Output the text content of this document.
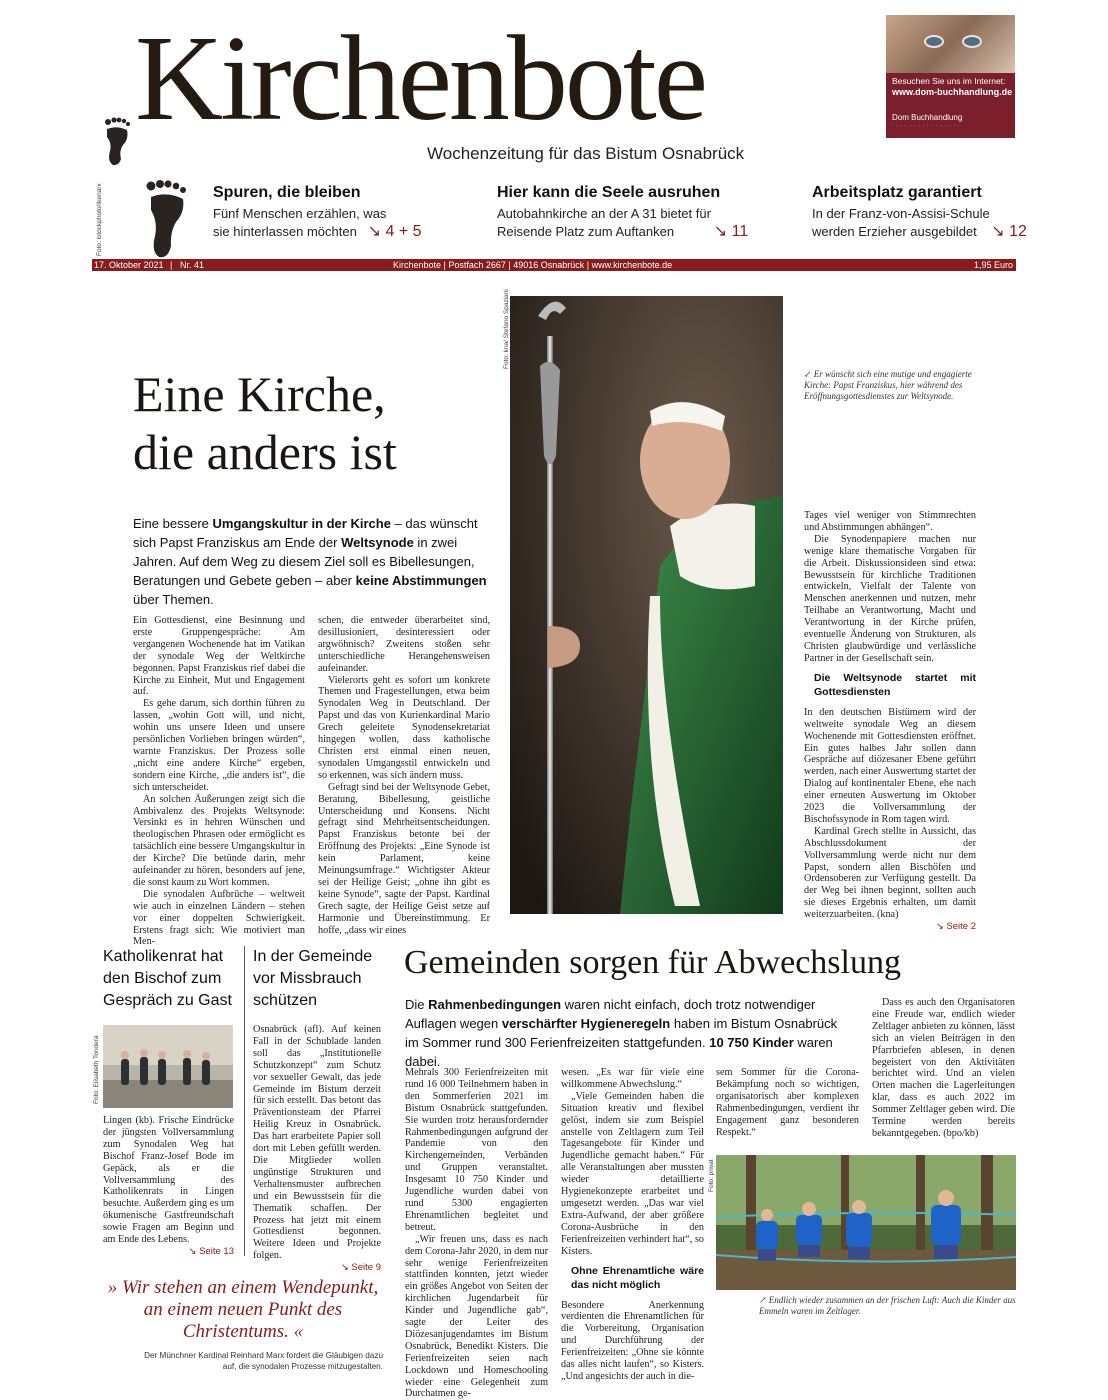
Kirchenbote
Wochenzeitung für das Bistum Osnabrück
Besuchen Sie uns im Internet:
www.dom-buchhandlung.de
Dom Buchhandlung
................
Foto: istockphoto/Ikenarx	Spuren, die bleiben

Fünf Menschen erzählen, was
sie hinterlassen möchten ↘ 4 + 5

Hier kann die Seele ausruhen

Autobahnkirche an der A 31 bietet für
Reisende Platz zum Auftanken ↘ 11

Arbeitsplatz garantiert

In der Franz-von-Assisi-Schule
werden Erzieher ausgebildet ↘ 12

17. Oktober 2021 | Nr. 41	Kirchenbote | Postfach 2667 | 49016 Osnabrück | www.kirchenbote.de	1,95 Euro
Foto: kna/ Stefano Spaziani
Eine Kirche,
die anders ist
Eine bessere Umgangskultur in der Kirche – das wünscht sich Papst Franziskus am Ende der Weltsynode in zwei Jahren. Auf dem Weg zu diesem Ziel soll es Bibellesungen, Beratungen und Gebete geben – aber keine Abstimmungen über Themen.

Ein Gottesdienst, eine Besinnung und erste Gruppengespräche: Am vergangenen Wochenende hat im Vatikan der synodale Weg der Weltkirche begonnen. Papst Franziskus rief dabei die Kirche zu Einheit, Mut und Engagement auf.

Es gehe darum, sich dorthin führen zu lassen, „wohin Gott will, und nicht, wohin uns unsere Ideen und unsere persönlichen Vorlieben bringen würden“, warnte Franziskus. Der Prozess solle „nicht eine andere Kirche“ ergeben, sondern eine Kirche, „die anders ist“, die sich unterscheidet.

An solchen Äußerungen zeigt sich die Ambivalenz des Projekts Weltsynode: Versinkt es in hehren Wünschen und theologischen Phrasen oder ermöglicht es tatsächlich eine bessere Umgangskultur in der Kirche? Die betünde darin, mehr aufeinander zu hören, besonders auf jene, die sonst kaum zu Wort kommen.

Die synodalen Aufbrüche – weltweit wie auch in einzelnen Ländern – stehen vor einer doppelten Schwierigkeit. Erstens fragt sich: Wie motiviert man Men-

schen, die entweder überarbeitet sind, desillusioniert, desinteressiert oder argwöhnisch? Zweitens stoßen sehr unterschiedliche Herangehensweisen aufeinander.

Vielerorts geht es sofort um konkrete Themen und Fragestellungen, etwa beim Synodalen Weg in Deutschland. Der Papst und das von Kurienkardinal Mario Grech geleitete Synodensekretariat hingegen wollen, dass katholische Christen erst einmal einen neuen, synodalen Umgangsstil entwickeln und so erkennen, was sich ändern muss.

Gefragt sind bei der Weltsynode Gebet, Beratung, Bibellesung, geistliche Unterscheidung und Konsens. Nicht gefragt sind Mehrheitsentscheidungen. Papst Franziskus betonte bei der Eröffnung des Projekts: „Eine Synode ist kein Parlament, keine Meinungsumfrage.“ Wichtigster Akteur sei der Heilige Geist; „ohne ihn gibt es keine Synode“, sagte der Papst. Kardinal Grech sagte, der Heilige Geist setze auf Harmonie und Übereinstimmung. Er hoffe, „dass wir eines

↙ Er wünscht sich eine mutige und engagierte Kirche: Papst Franziskus, hier während des Eröffnungsgottesdienstes zur Weltsynode.

Tages viel weniger von Stimmrechten und Abstimmungen abhängen“.

Die Synodenpapiere machen nur wenige klare thematische Vorgaben für die Arbeit. Diskussionsideen sind etwa: Bewusstsein für kirchliche Traditionen entwickeln, Vielfalt der Talente von Menschen anerkennen und nutzen, mehr Teilhabe an Verantwortung, Macht und Verantwortung in der Kirche prüfen, eventuelle Änderung von Strukturen, als Christen glaubwürdige und verlässliche Partner in der Gesellschaft sein.

Die Weltsynode startet mit Gottesdiensten

In den deutschen Bistümern wird der weltweite synodale Weg an diesem Wochenende mit Gottesdiensten eröffnet. Ein gutes halbes Jahr sollen dann Gespräche auf diözesaner Ebene geführt werden, nach einer Auswertung startet der Dialog auf kontinentaler Ebene, ehe nach einer erneuten Auswertung im Oktober 2023 die Vollversammlung der Bischofssynode in Rom tagen wird.

Kardinal Grech stellte in Aussicht, das Abschlussdokument der Vollversammlung werde nicht nur dem Papst, sondern allen Bischöfen und Ordensoberen zur Verfügung gestellt. Da der Weg bei ihnen beginnt, sollten auch sie dieses Ergebnis erhalten, um damit weiterzuarbeiten. (kna)

↘ Seite 2
Katholikenrat hat den Bischof zum Gespräch zu Gast
Foto: Elisabeth Tondera

Lingen (kb). Frische Eindrücke der jüngsten Vollversammlung zum Synodalen Weg hat Bischof Franz-Josef Bode im Gepäck, als er die Vollversammlung des Katholikenrats in Lingen besuchte. Außerdem ging es um ökumenische Gastfreundschaft sowie Fragen am Beginn und am Ende des Lebens.

↘ Seite 13
In der Gemeinde vor Missbrauch schützen

Osnabrück (afl). Auf keinen Fall in der Schublade landen soll das „Institutionelle Schutzkonzept“ zum Schutz vor sexueller Gewalt, das jede Gemeinde im Bistum derzeit für sich erstellt. Das betont das Präventionsteam der Pfarrei Heilig Kreuz in Osnabrück. Das hart erarbeitete Papier soll dort mit Leben gefüllt werden. Die Mitglieder wollen ungünstige Strukturen und Verhaltensmuster aufbrechen und ein Bewusstsein für die Thematik schaffen. Der Prozess hat jetzt mit einem Gottesdienst begonnen. Weitere Ideen und Projekte folgen.

↘ Seite 9
» Wir stehen an einem Wendepunkt, an einem neuen Punkt des Christentums. «
Der Münchner Kardinal Reinhard Marx fordert die Gläubigen dazu
auf, die synodalen Prozesse mitzugestalten.
Gemeinden sorgen für Abwechslung
Die Rahmenbedingungen waren nicht einfach, doch trotz notwendiger Auflagen wegen verschärfter Hygieneregeln haben im Bistum Osnabrück im Sommer rund 300 Ferienfreizeiten stattgefunden. 10 750 Kinder waren dabei.

Mehrals 300 Ferienfreizeiten mit rund 16 000 Teilnehmern haben in den Sommerferien 2021 im Bistum Osnabrück stattgefunden. Sie wurden trotz herausfordernder Rahmenbedingungen aufgrund der Pandemie von den Kirchengemeinden, Verbänden und Gruppen veranstaltet. Insgesamt 10 750 Kinder und Jugendliche wurden dabei von rund 5300 engagierten Ehrenamtlichen begleitet und betreut.

„Wir freuen uns, dass es nach dem Corona-Jahr 2020, in dem nur sehr wenige Ferienfreizeiten stattfinden konnten, jetzt wieder ein größes Angebot von Seiten der kirchlichen Jugendarbeit für Kinder und Jugendliche gab“, sagte der Leiter des Diözesanjugendamtes im Bistum Osnabrück, Benedikt Kisters. Die Ferienfreizeiten seien nach Lockdown und Homeschooling wieder eine Gelegenheit zum Durchatmen ge-

wesen. „Es war für viele eine willkommene Abwechslung.“

„Viele Gemeinden haben die Situation kreativ und flexibel gelöst, indem sie zum Beispiel anstelle von Zeltlagern zum Teil Tagesangebote für Kinder und Jugendliche gemacht haben.“ Für alle Veranstaltungen aber mussten wieder detaillierte Hygienekonzepte erarbeitet und umgesetzt werden. „Das war viel Extra-Aufwand, der aber größere Corona-Ausbrüche in den Ferienfreizeiten verhindert hat“, so Kisters.

Ohne Ehrenamtliche wäre das nicht möglich

Besondere Anerkennung verdienten die Ehrenamtlichen für die Vorbereitung, Organisation und Durchführung der Ferienfreizeiten: „Ohne sie könnte das alles nicht laufen“, so Kisters. „Und angesichts der auch in die-

sem Sommer für die Corona-Bekämpfung noch so wichtigen, organisatorisch aber komplexen Rahmenbedingungen, verdient ihr Engagement ganz besonderen Respekt.“

Dass es auch den Organisatoren eine Freude war, endlich wieder Zeltlager anbieten zu können, lässt sich an vielen Beiträgen in den Pfarrbriefen ablesen, in denen begeistert von den Aktivitäten berichtet wird. Und an vielen Orten machen die Lagerleitungen klar, dass es auch 2022 im Sommer Zeltlager geben wird. Die Termine werden bereits bekanntgegeben. (bpo/kb)

Foto: privat
↗ Endlich wieder zusammen an der frischen Luft: Auch die Kinder aus Emmeln waren im Zeltlager.
